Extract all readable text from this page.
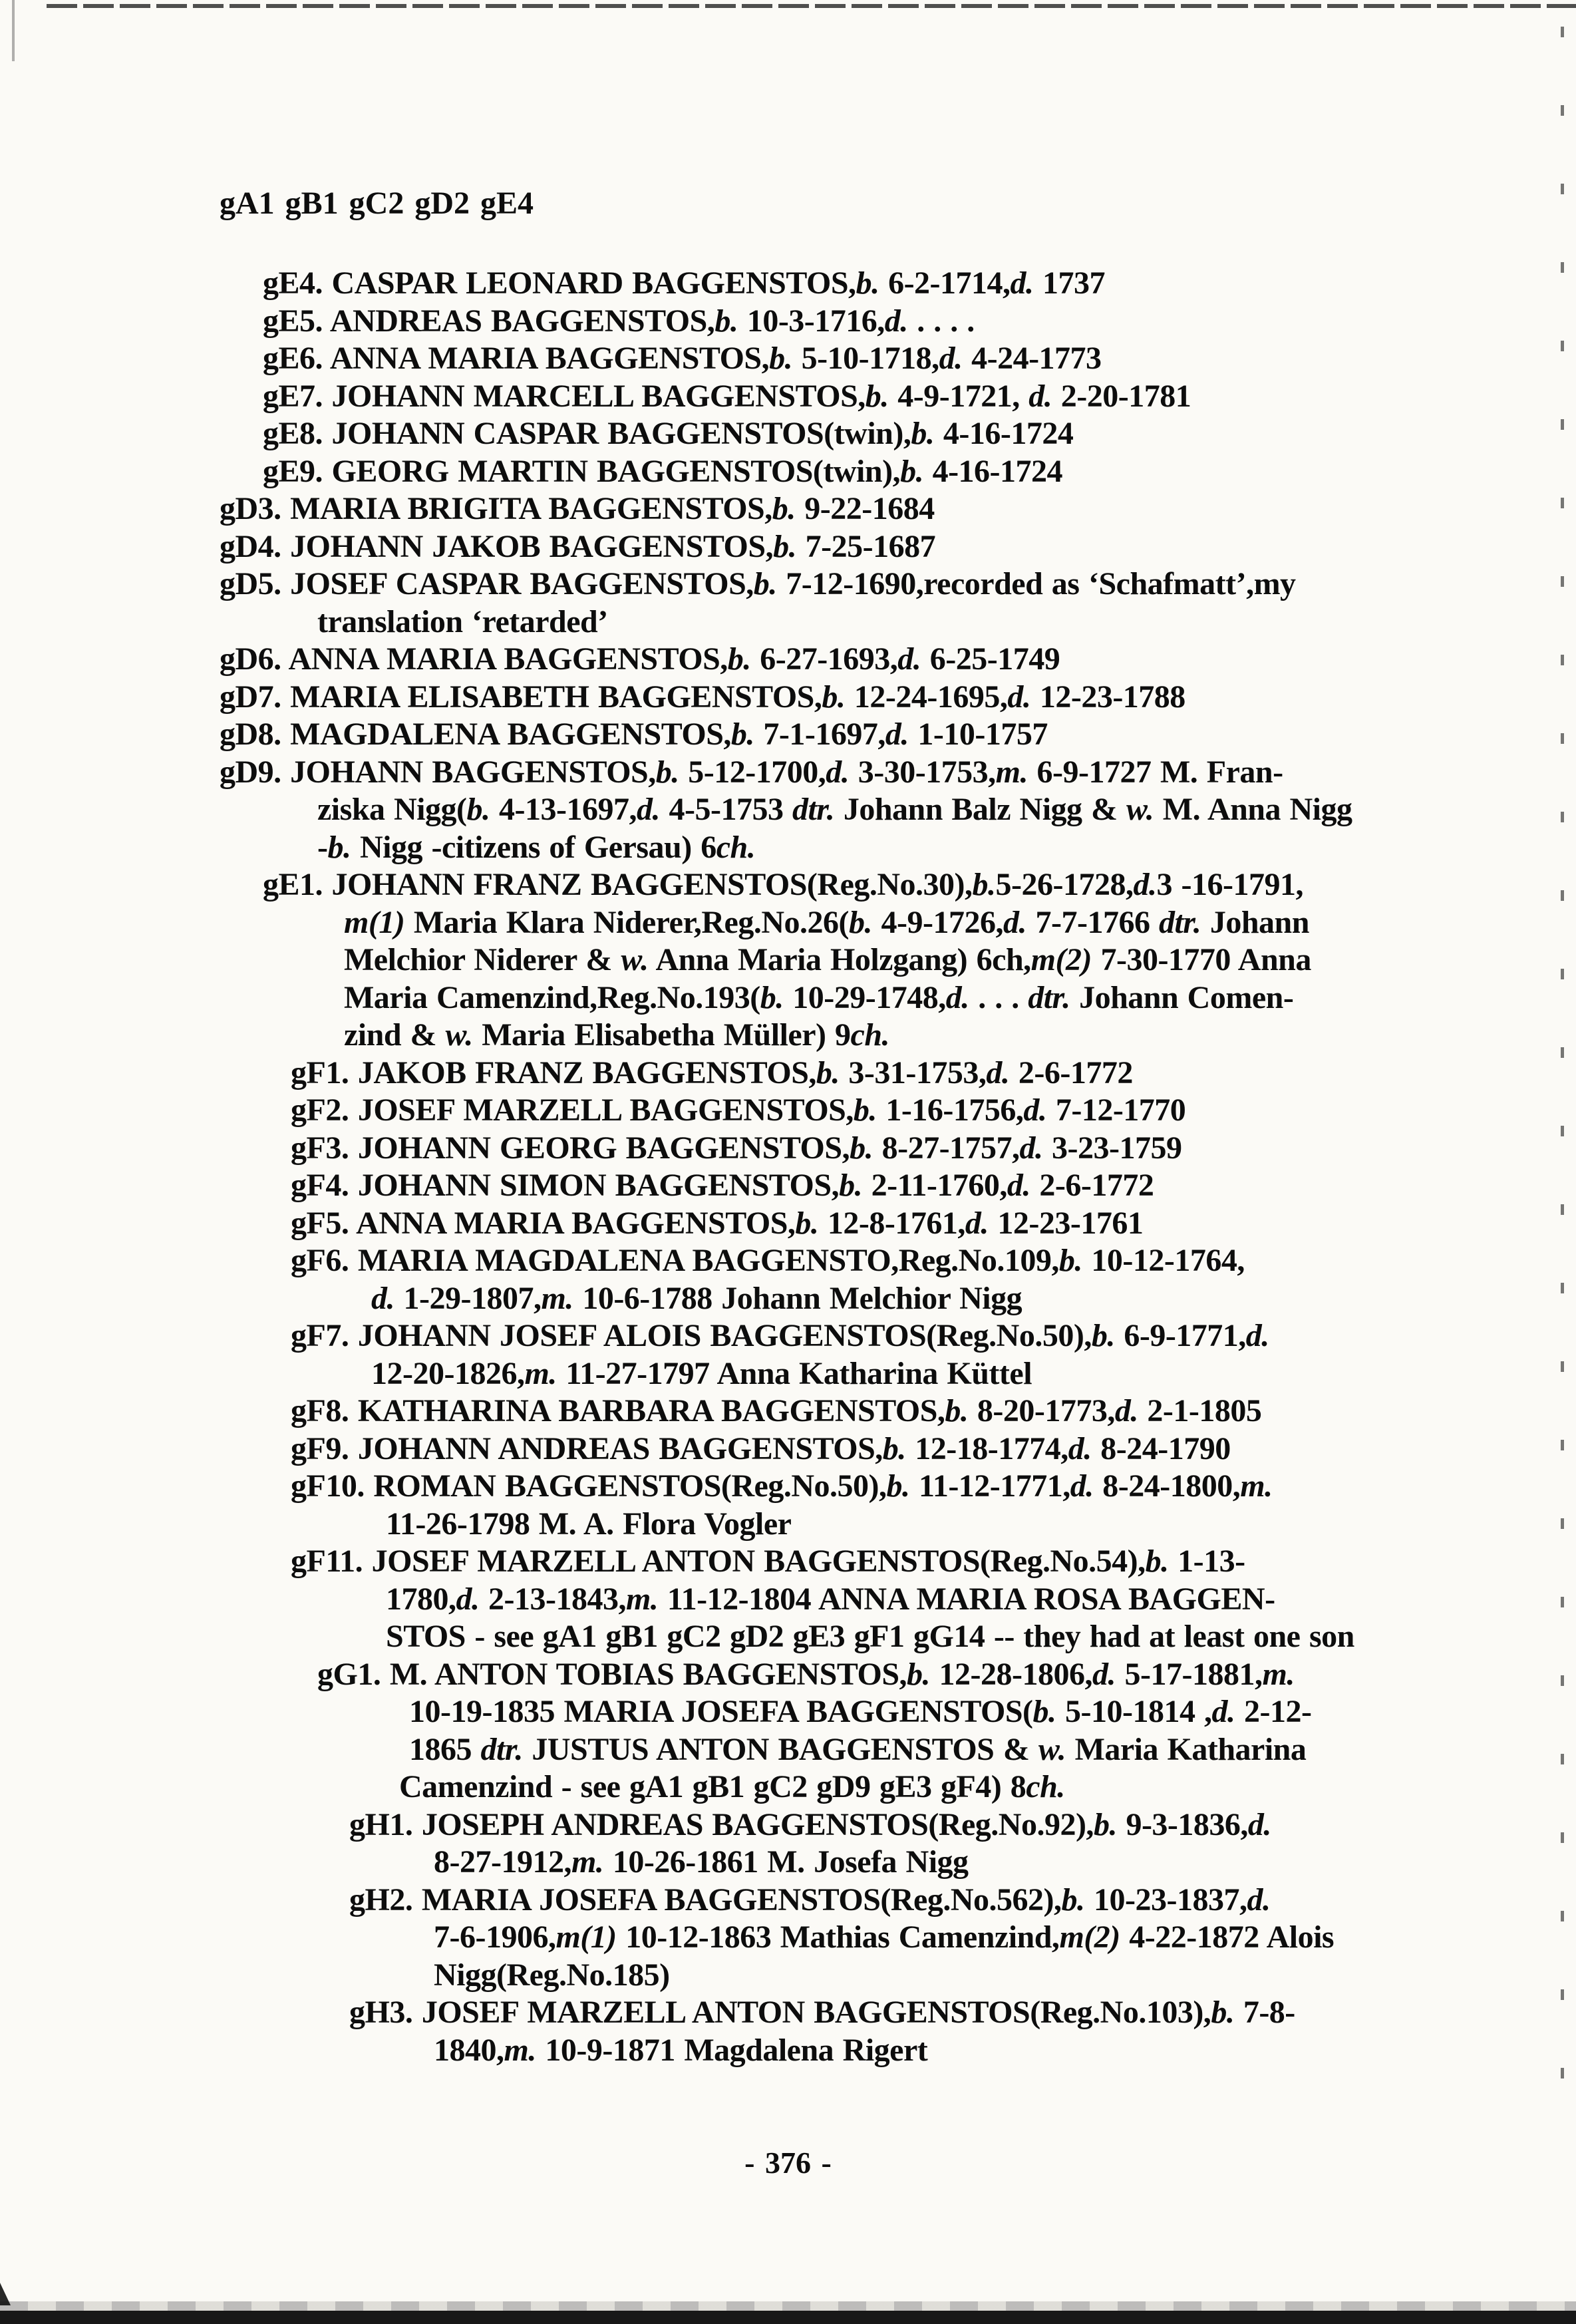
gA1 gB1 gC2 gD2 gE4
gE4. CASPAR LEONARD BAGGENSTOS,b. 6-2-1714,d. 1737
gE5. ANDREAS BAGGENSTOS,b. 10-3-1716,d. . . . .
gE6. ANNA MARIA BAGGENSTOS,b. 5-10-1718,d. 4-24-1773
gE7. JOHANN MARCELL BAGGENSTOS,b. 4-9-1721, d. 2-20-1781
gE8. JOHANN CASPAR BAGGENSTOS(twin),b. 4-16-1724
gE9. GEORG MARTIN BAGGENSTOS(twin),b. 4-16-1724
gD3. MARIA BRIGITA BAGGENSTOS,b. 9-22-1684
gD4. JOHANN JAKOB BAGGENSTOS,b. 7-25-1687
gD5. JOSEF CASPAR BAGGENSTOS,b. 7-12-1690,recorded as ‘Schafmatt’,my
translation ‘retarded’
gD6. ANNA MARIA BAGGENSTOS,b. 6-27-1693,d. 6-25-1749
gD7. MARIA ELISABETH BAGGENSTOS,b. 12-24-1695,d. 12-23-1788
gD8. MAGDALENA BAGGENSTOS,b. 7-1-1697,d. 1-10-1757
gD9. JOHANN BAGGENSTOS,b. 5-12-1700,d. 3-30-1753,m. 6-9-1727 M. Fran-
ziska Nigg(b. 4-13-1697,d. 4-5-1753 dtr. Johann Balz Nigg & w. M. Anna Nigg
-b. Nigg -citizens of Gersau) 6ch.
gE1. JOHANN FRANZ BAGGENSTOS(Reg.No.30),b.5-26-1728,d.3 -16-1791,
m(1) Maria Klara Niderer,Reg.No.26(b. 4-9-1726,d. 7-7-1766 dtr. Johann
Melchior Niderer & w. Anna Maria Holzgang) 6ch,m(2) 7-30-1770 Anna
Maria Camenzind,Reg.No.193(b. 10-29-1748,d. . . . dtr. Johann Comen-
zind & w. Maria Elisabetha Müller) 9ch.
gF1. JAKOB FRANZ BAGGENSTOS,b. 3-31-1753,d. 2-6-1772
gF2. JOSEF MARZELL BAGGENSTOS,b. 1-16-1756,d. 7-12-1770
gF3. JOHANN GEORG BAGGENSTOS,b. 8-27-1757,d. 3-23-1759
gF4. JOHANN SIMON BAGGENSTOS,b. 2-11-1760,d. 2-6-1772
gF5. ANNA MARIA BAGGENSTOS,b. 12-8-1761,d. 12-23-1761
gF6. MARIA MAGDALENA BAGGENSTO,Reg.No.109,b. 10-12-1764,
d. 1-29-1807,m. 10-6-1788 Johann Melchior Nigg
gF7. JOHANN JOSEF ALOIS BAGGENSTOS(Reg.No.50),b. 6-9-1771,d.
12-20-1826,m. 11-27-1797 Anna Katharina Küttel
gF8. KATHARINA BARBARA BAGGENSTOS,b. 8-20-1773,d. 2-1-1805
gF9. JOHANN ANDREAS BAGGENSTOS,b. 12-18-1774,d. 8-24-1790
gF10. ROMAN BAGGENSTOS(Reg.No.50),b. 11-12-1771,d. 8-24-1800,m.
11-26-1798 M. A. Flora Vogler
gF11. JOSEF MARZELL ANTON BAGGENSTOS(Reg.No.54),b. 1-13-
1780,d. 2-13-1843,m. 11-12-1804 ANNA MARIA ROSA BAGGEN-
STOS - see gA1 gB1 gC2 gD2 gE3 gF1 gG14 -- they had at least one son
gG1. M. ANTON TOBIAS BAGGENSTOS,b. 12-28-1806,d. 5-17-1881,m.
10-19-1835 MARIA JOSEFA BAGGENSTOS(b. 5-10-1814 ,d. 2-12-
1865 dtr. JUSTUS ANTON BAGGENSTOS & w. Maria Katharina
Camenzind - see gA1 gB1 gC2 gD9 gE3 gF4) 8ch.
gH1. JOSEPH ANDREAS BAGGENSTOS(Reg.No.92),b. 9-3-1836,d.
8-27-1912,m. 10-26-1861 M. Josefa Nigg
gH2. MARIA JOSEFA BAGGENSTOS(Reg.No.562),b. 10-23-1837,d.
7-6-1906,m(1) 10-12-1863 Mathias Camenzind,m(2) 4-22-1872 Alois
Nigg(Reg.No.185)
gH3. JOSEF MARZELL ANTON BAGGENSTOS(Reg.No.103),b. 7-8-
1840,m. 10-9-1871 Magdalena Rigert
- 376 -
